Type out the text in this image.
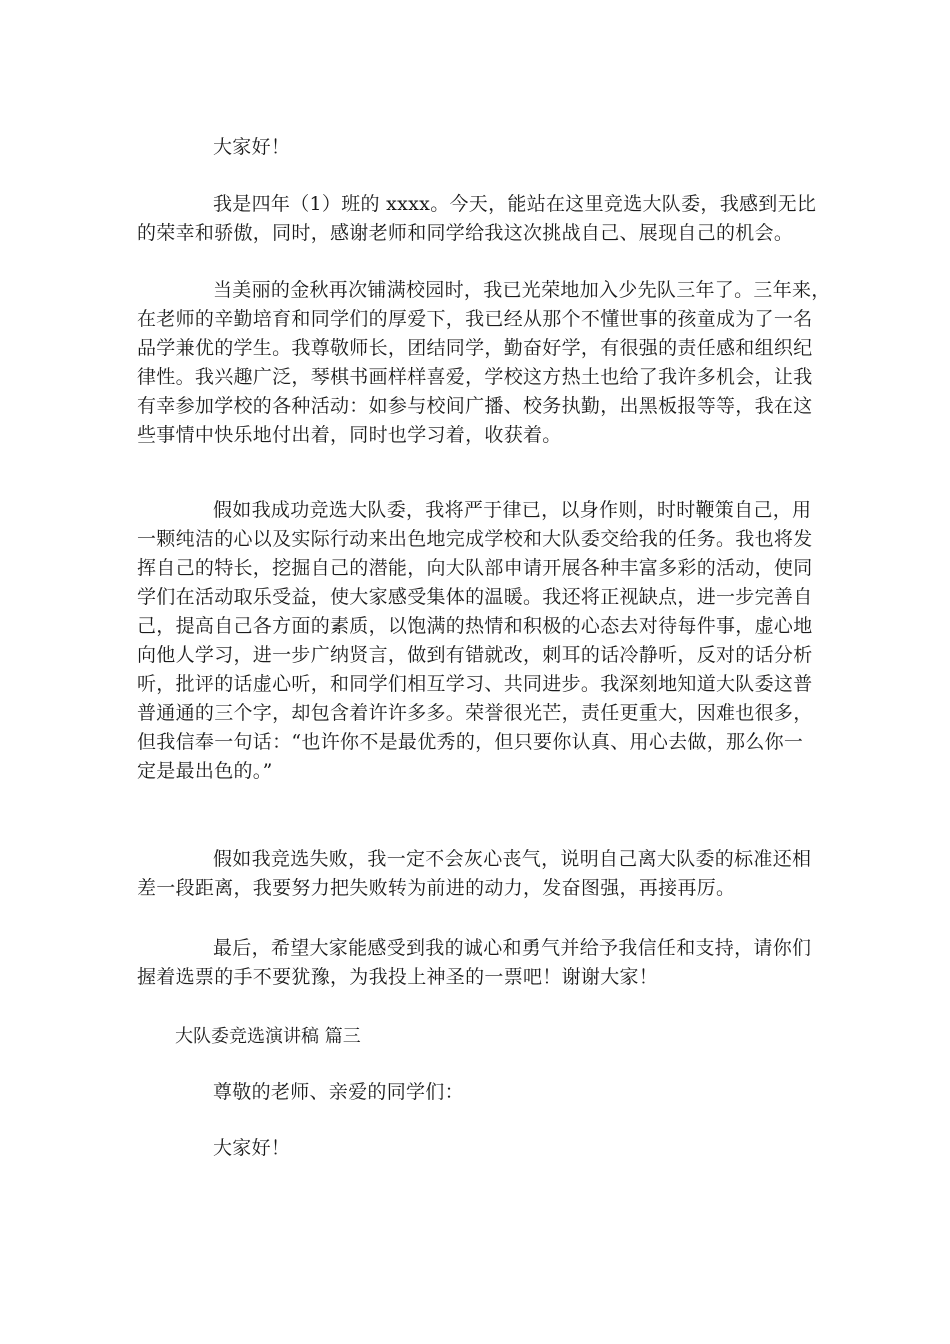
大家好！

我是四年（1）班的 xxxx。今天，能站在这里竞选大队委，我感到无比
的荣幸和骄傲，同时，感谢老师和同学给我这次挑战自己、展现自己的机会。

当美丽的金秋再次铺满校园时，我已光荣地加入少先队三年了。三年来，
在老师的辛勤培育和同学们的厚爱下，我已经从那个不懂世事的孩童成为了一名
品学兼优的学生。我尊敬师长，团结同学，勤奋好学，有很强的责任感和组织纪
律性。我兴趣广泛，琴棋书画样样喜爱，学校这方热土也给了我许多机会，让我
有幸参加学校的各种活动：如参与校间广播、校务执勤，出黑板报等等，我在这
些事情中快乐地付出着，同时也学习着，收获着。

假如我成功竞选大队委，我将严于律已，以身作则，时时鞭策自己，用
一颗纯洁的心以及实际行动来出色地完成学校和大队委交给我的任务。我也将发
挥自己的特长，挖掘自己的潜能，向大队部申请开展各种丰富多彩的活动，使同
学们在活动取乐受益，使大家感受集体的温暖。我还将正视缺点，进一步完善自
己，提高自己各方面的素质，以饱满的热情和积极的心态去对待每件事，虚心地
向他人学习，进一步广纳贤言，做到有错就改，刺耳的话冷静听，反对的话分析
听，批评的话虚心听，和同学们相互学习、共同进步。我深刻地知道大队委这普
普通通的三个字，却包含着许许多多。荣誉很光芒，责任更重大，因难也很多，
但我信奉一句话：“也许你不是最优秀的，但只要你认真、用心去做，那么你一
定是最出色的。”

假如我竞选失败，我一定不会灰心丧气，说明自己离大队委的标准还相
差一段距离，我要努力把失败转为前进的动力，发奋图强，再接再厉。

最后，希望大家能感受到我的诚心和勇气并给予我信任和支持，请你们
握着选票的手不要犹豫，为我投上神圣的一票吧！谢谢大家！

大队委竞选演讲稿 篇三

尊敬的老师、亲爱的同学们：

大家好！
